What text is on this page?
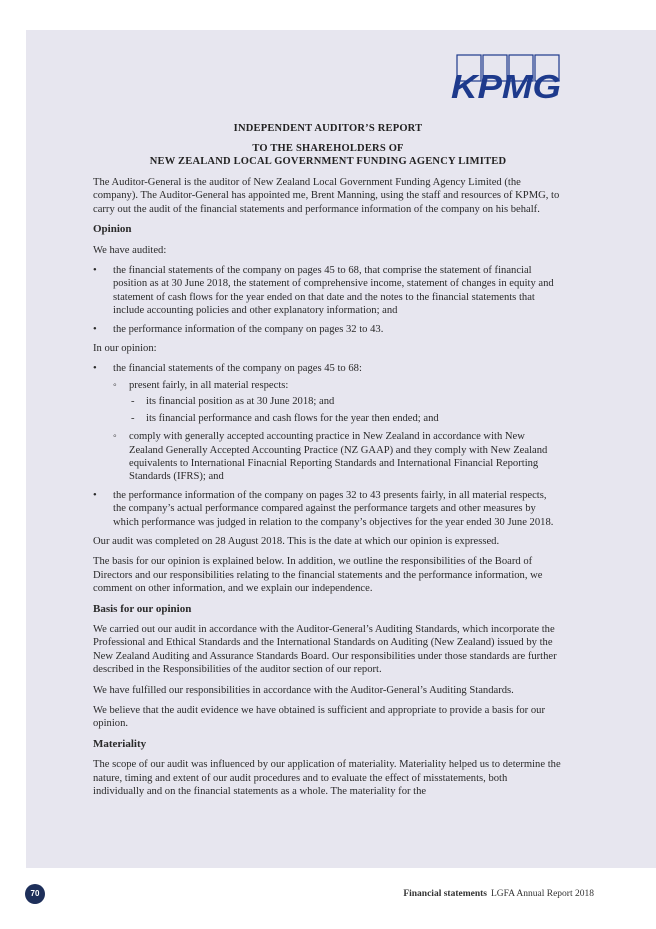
KPMG
INDEPENDENT AUDITOR’S REPORT
TO THE SHAREHOLDERS OF
NEW ZEALAND LOCAL GOVERNMENT FUNDING AGENCY LIMITED

The Auditor-General is the auditor of New Zealand Local Government Funding Agency Limited (the company). The Auditor-General has appointed me, Brent Manning, using the staff and resources of KPMG, to carry out the audit of the financial statements and performance information of the company on his behalf.

Opinion

We have audited:

• the financial statements of the company on pages 45 to 68, that comprise the statement of financial position as at 30 June 2018, the statement of comprehensive income, statement of changes in equity and statement of cash flows for the year ended on that date and the notes to the financial statements that include accounting policies and other explanatory information; and
• the performance information of the company on pages 32 to 43.

In our opinion:

• the financial statements of the company on pages 45 to 68:
◦ present fairly, in all material respects:
- its financial position as at 30 June 2018; and
- its financial performance and cash flows for the year then ended; and
◦ comply with generally accepted accounting practice in New Zealand in accordance with New Zealand Generally Accepted Accounting Practice (NZ GAAP) and they comply with New Zealand equivalents to International Finacnial Reporting Standards and International Financial Reporting Standards (IFRS); and
• the performance information of the company on pages 32 to 43 presents fairly, in all material respects, the company’s actual performance compared against the performance targets and other measures by which performance was judged in relation to the company’s objectives for the year ended 30 June 2018.

Our audit was completed on 28 August 2018. This is the date at which our opinion is expressed.

The basis for our opinion is explained below. In addition, we outline the responsibilities of the Board of Directors and our responsibilities relating to the financial statements and the performance information, we comment on other information, and we explain our independence.

Basis for our opinion

We carried out our audit in accordance with the Auditor-General’s Auditing Standards, which incorporate the Professional and Ethical Standards and the International Standards on Auditing (New Zealand) issued by the New Zealand Auditing and Assurance Standards Board. Our responsibilities under those standards are further described in the Responsibilities of the auditor section of our report.

We have fulfilled our responsibilities in accordance with the Auditor-General’s Auditing Standards.

We believe that the audit evidence we have obtained is sufficient and appropriate to provide a basis for our opinion.

Materiality

The scope of our audit was influenced by our application of materiality. Materiality helped us to determine the nature, timing and extent of our audit procedures and to evaluate the effect of misstatements, both individually and on the financial statements as a whole. The materiality for the

70	Financial statements LGFA Annual Report 2018
